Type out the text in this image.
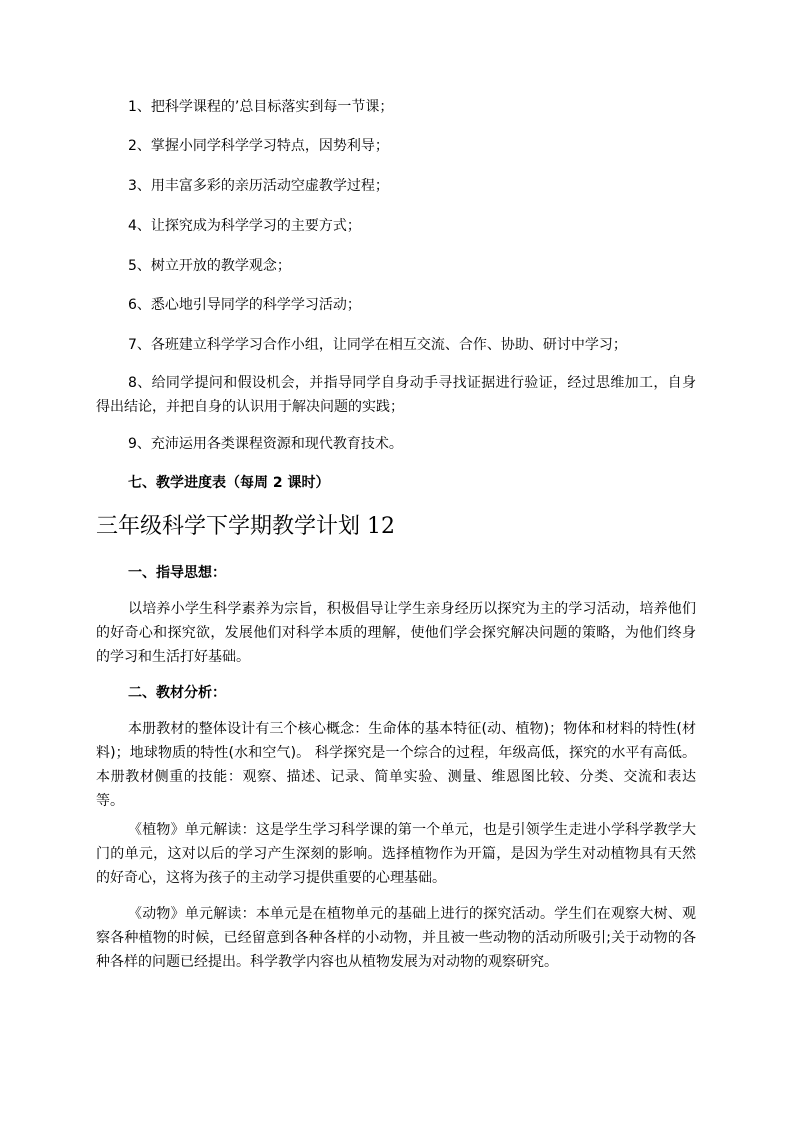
1、把科学课程的’总目标落实到每一节课；
2、掌握小同学科学学习特点，因势利导；
3、用丰富多彩的亲历活动空虚教学过程；
4、让探究成为科学学习的主要方式；
5、树立开放的教学观念；
6、悉心地引导同学的科学学习活动；
7、各班建立科学学习合作小组，让同学在相互交流、合作、协助、研讨中学习；
8、给同学提问和假设机会，并指导同学自身动手寻找证据进行验证，经过思维加工，自身得出结论，并把自身的认识用于解决问题的实践；
9、充沛运用各类课程资源和现代教育技术。
七、教学进度表（每周 2 课时）
三年级科学下学期教学计划 12
一、指导思想：
以培养小学生科学素养为宗旨，积极倡导让学生亲身经历以探究为主的学习活动，培养他们的好奇心和探究欲，发展他们对科学本质的理解，使他们学会探究解决问题的策略，为他们终身的学习和生活打好基础。
二、教材分析：
本册教材的整体设计有三个核心概念：生命体的基本特征(动、植物)；物体和材料的特性(材料)；地球物质的特性(水和空气)。 科学探究是一个综合的过程，年级高低，探究的水平有高低。本册教材侧重的技能：观察、描述、记录、简单实验、测量、维恩图比较、分类、交流和表达等。
《植物》单元解读：这是学生学习科学课的第一个单元，也是引领学生走进小学科学教学大门的单元，这对以后的学习产生深刻的影响。选择植物作为开篇，是因为学生对动植物具有天然的好奇心，这将为孩子的主动学习提供重要的心理基础。
《动物》单元解读：本单元是在植物单元的基础上进行的探究活动。学生们在观察大树、观察各种植物的时候，已经留意到各种各样的小动物，并且被一些动物的活动所吸引;关于动物的各种各样的问题已经提出。科学教学内容也从植物发展为对动物的观察研究。
